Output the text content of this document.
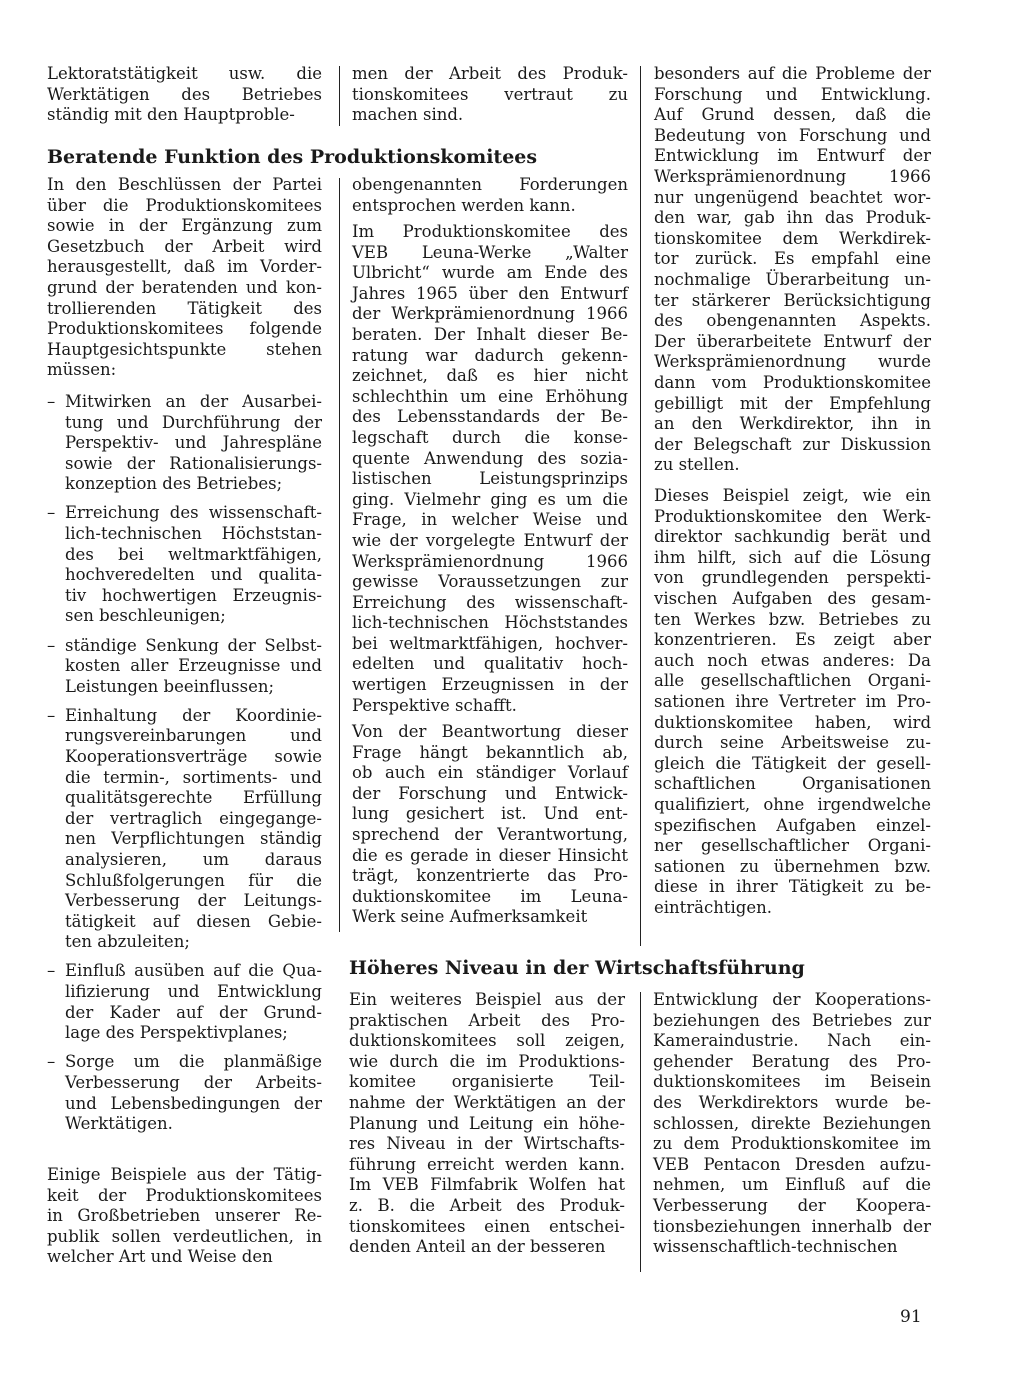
Lektoratstätigkeit usw. die
Werktätigen des Betriebes
ständig mit den Hauptproble-
men der Arbeit des Produk-
tionskomitees vertraut zu
machen sind.
Beratende Funktion des Produktionskomitees
In den Beschlüssen der Partei
über die Produktionskomitees
sowie in der Ergänzung zum
Gesetzbuch der Arbeit wird
herausgestellt, daß im Vorder-
grund der beratenden und kon-
trollierenden Tätigkeit des
Produktionskomitees folgende
Hauptgesichtspunkte stehen
müssen:
– Mitwirken an der Ausarbei-
tung und Durchführung der
Perspektiv- und Jahrespläne
sowie der Rationalisierungs-
konzeption des Betriebes;
– Erreichung des wissenschaft-
lich-technischen Höchststan-
des bei weltmarktfähigen,
hochveredelten und qualita-
tiv hochwertigen Erzeugnis-
sen beschleunigen;
– ständige Senkung der Selbst-
kosten aller Erzeugnisse und
Leistungen beeinflussen;
– Einhaltung der Koordinie-
rungsvereinbarungen und
Kooperationsverträge sowie
die termin-, sortiments- und
qualitätsgerechte Erfüllung
der vertraglich eingegange-
nen Verpflichtungen ständig
analysieren, um daraus
Schlußfolgerungen für die
Verbesserung der Leitungs-
tätigkeit auf diesen Gebie-
ten abzuleiten;
– Einfluß ausüben auf die Qua-
lifizierung und Entwicklung
der Kader auf der Grund-
lage des Perspektivplanes;
– Sorge um die planmäßige
Verbesserung der Arbeits-
und Lebensbedingungen der
Werktätigen.
Einige Beispiele aus der Tätig-
keit der Produktionskomitees
in Großbetrieben unserer Re-
publik sollen verdeutlichen, in
welcher Art und Weise den
obengenannten Forderungen
entsprochen werden kann.
Im Produktionskomitee des
VEB Leuna-Werke „Walter
Ulbricht“ wurde am Ende des
Jahres 1965 über den Entwurf
der Werkprämienordnung 1966
beraten. Der Inhalt dieser Be-
ratung war dadurch gekenn-
zeichnet, daß es hier nicht
schlechthin um eine Erhöhung
des Lebensstandards der Be-
legschaft durch die konse-
quente Anwendung des sozia-
listischen Leistungsprinzips
ging. Vielmehr ging es um die
Frage, in welcher Weise und
wie der vorgelegte Entwurf der
Werksprämienordnung 1966
gewisse Voraussetzungen zur
Erreichung des wissenschaft-
lich-technischen Höchststandes
bei weltmarktfähigen, hochver-
edelten und qualitativ hoch-
wertigen Erzeugnissen in der
Perspektive schafft.
Von der Beantwortung dieser
Frage hängt bekanntlich ab,
ob auch ein ständiger Vorlauf
der Forschung und Entwick-
lung gesichert ist. Und ent-
sprechend der Verantwortung,
die es gerade in dieser Hinsicht
trägt, konzentrierte das Pro-
duktionskomitee im Leuna-
Werk seine Aufmerksamkeit
besonders auf die Probleme der
Forschung und Entwicklung.
Auf Grund dessen, daß die
Bedeutung von Forschung und
Entwicklung im Entwurf der
Werksprämienordnung 1966
nur ungenügend beachtet wor-
den war, gab ihn das Produk-
tionskomitee dem Werkdirek-
tor zurück. Es empfahl eine
nochmalige Überarbeitung un-
ter stärkerer Berücksichtigung
des obengenannten Aspekts.
Der überarbeitete Entwurf der
Werksprämienordnung wurde
dann vom Produktionskomitee
gebilligt mit der Empfehlung
an den Werkdirektor, ihn in
der Belegschaft zur Diskussion
zu stellen.
Dieses Beispiel zeigt, wie ein
Produktionskomitee den Werk-
direktor sachkundig berät und
ihm hilft, sich auf die Lösung
von grundlegenden perspekti-
vischen Aufgaben des gesam-
ten Werkes bzw. Betriebes zu
konzentrieren. Es zeigt aber
auch noch etwas anderes: Da
alle gesellschaftlichen Organi-
sationen ihre Vertreter im Pro-
duktionskomitee haben, wird
durch seine Arbeitsweise zu-
gleich die Tätigkeit der gesell-
schaftlichen Organisationen
qualifiziert, ohne irgendwelche
spezifischen Aufgaben einzel-
ner gesellschaftlicher Organi-
sationen zu übernehmen bzw.
diese in ihrer Tätigkeit zu be-
einträchtigen.
Höheres Niveau in der Wirtschaftsführung
Ein weiteres Beispiel aus der
praktischen Arbeit des Pro-
duktionskomitees soll zeigen,
wie durch die im Produktions-
komitee organisierte Teil-
nahme der Werktätigen an der
Planung und Leitung ein höhe-
res Niveau in der Wirtschafts-
führung erreicht werden kann.
Im VEB Filmfabrik Wolfen hat
z. B. die Arbeit des Produk-
tionskomitees einen entschei-
denden Anteil an der besseren
Entwicklung der Kooperations-
beziehungen des Betriebes zur
Kameraindustrie. Nach ein-
gehender Beratung des Pro-
duktionskomitees im Beisein
des Werkdirektors wurde be-
schlossen, direkte Beziehungen
zu dem Produktionskomitee im
VEB Pentacon Dresden aufzu-
nehmen, um Einfluß auf die
Verbesserung der Koopera-
tionsbeziehungen innerhalb der
wissenschaftlich-technischen
91
